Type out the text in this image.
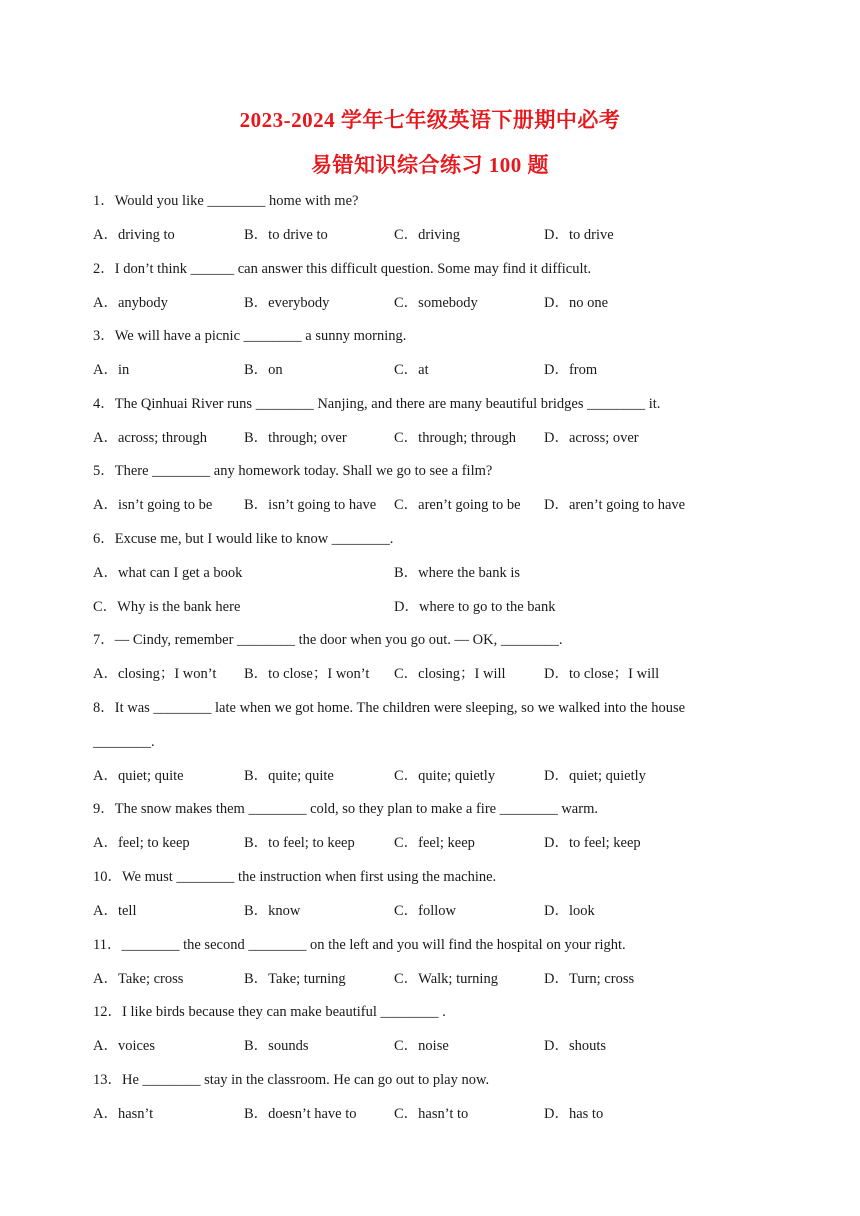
2023-2024 学年七年级英语下册期中必考
易错知识综合练习 100 题
1．Would you like ________ home with me?
A．driving to	B．to drive to	C．driving	D．to drive
2．I don’t think ______ can answer this difficult question. Some may find it difficult.
A．anybody	B．everybody	C．somebody	D．no one
3．We will have a picnic ________ a sunny morning.
A．in	B．on	C．at	D．from
4．The Qinhuai River runs ________ Nanjing, and there are many beautiful bridges ________ it.
A．across; through	B．through; over	C．through; through D．across; over
5．There ________ any homework today. Shall we go to see a film?
A．isn’t going to be B．isn’t going to have C．aren’t going to be D．aren’t going to have
6．Excuse me, but I would like to know ________.
A．what can I get a book	B．where the bank is
C．Why is the bank here	D．where to go to the bank
7．— Cindy, remember ________ the door when you go out. — OK, ________.
A．closing；I won’t B．to close；I won’t C．closing；I will	D．to close；I will
8．It was ________ late when we got home. The children were sleeping, so we walked into the house
________.
A．quiet; quite	B．quite; quite	C．quite; quietly	D．quiet; quietly
9．The snow makes them ________ cold, so they plan to make a fire ________ warm.
A．feel; to keep	B．to feel; to keep	C．feel; keep	D．to feel; keep
10．We must ________ the instruction when first using the machine.
A．tell	B．know	C．follow	D．look
11．________ the second ________ on the left and you will find the hospital on your right.
A．Take; cross	B．Take; turning	C．Walk; turning	D．Turn; cross
12．I like birds because they can make beautiful ________ .
A．voices	B．sounds	C．noise	D．shouts
13．He ________ stay in the classroom. He can go out to play now.
A．hasn’t	B．doesn’t have to	C．hasn’t to	D．has to
